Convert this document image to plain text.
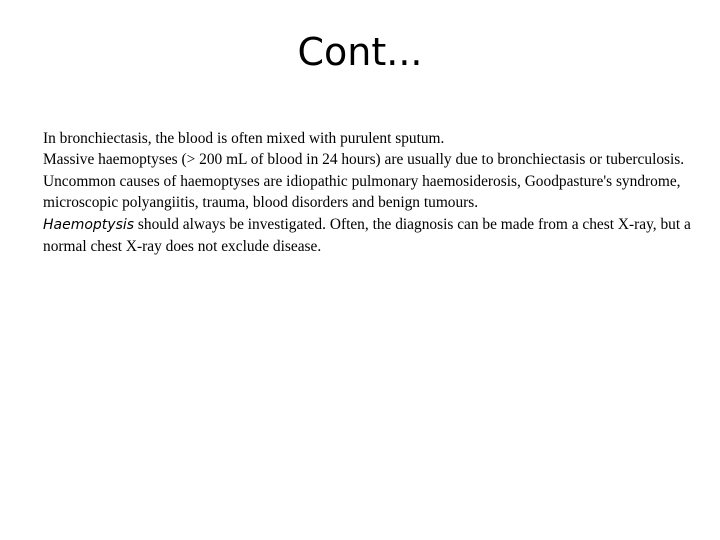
Cont...

In bronchiectasis, the blood is often mixed with purulent sputum.

Massive haemoptyses (> 200 mL of blood in 24 hours) are usually due to bronchiectasis or tuberculosis.

Uncommon causes of haemoptyses are idiopathic pulmonary haemosiderosis, Goodpasture's syndrome, microscopic polyangiitis, trauma, blood disorders and benign tumours.

Haemoptysis should always be investigated. Often, the diagnosis can be made from a chest X-ray, but a normal chest X-ray does not exclude disease.
